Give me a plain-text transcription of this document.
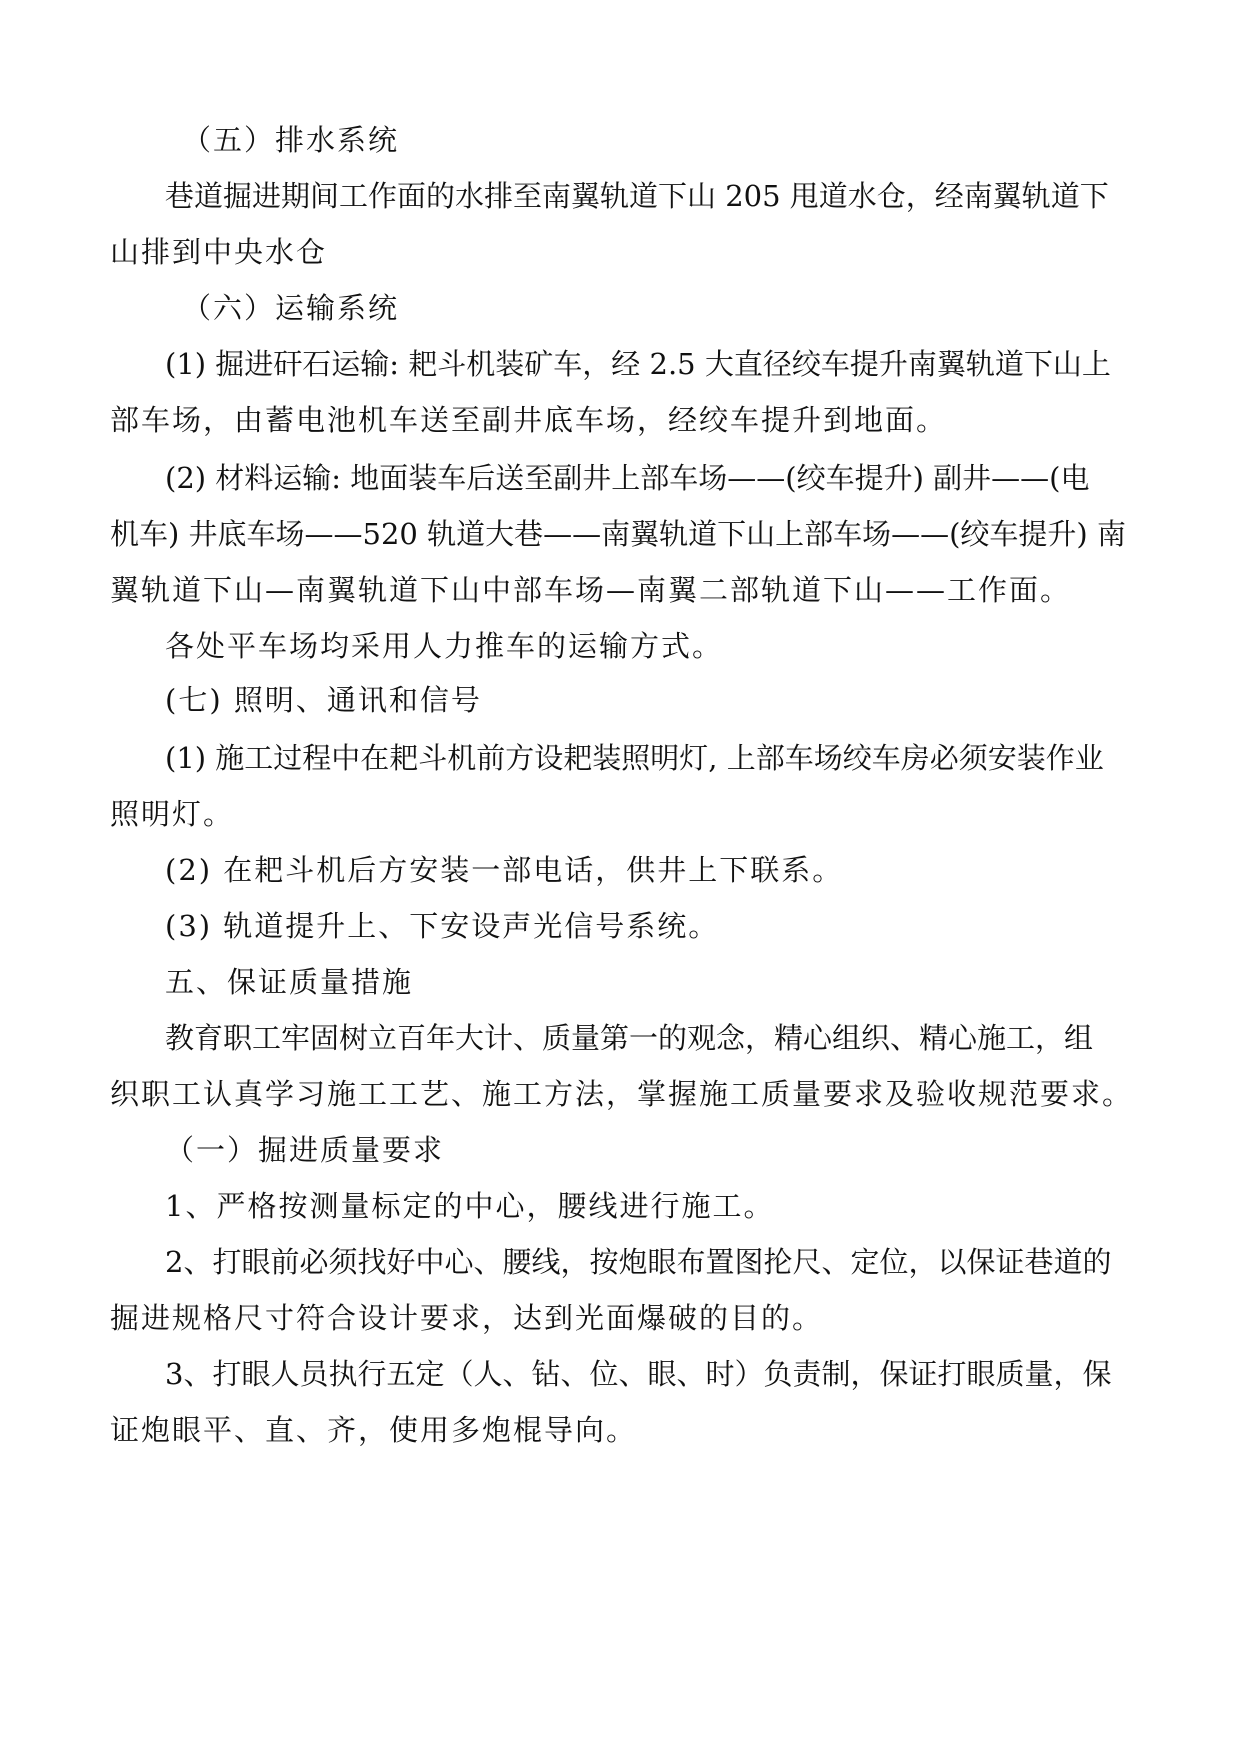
（五）排水系统
巷道掘进期间工作面的水排至南翼轨道下山 205 甩道水仓，经南翼轨道下
山排到中央水仓
（六）运输系统
(1) 掘进矸石运输: 耙斗机装矿车，经 2.5 大直径绞车提升南翼轨道下山上
部车场，由蓄电池机车送至副井底车场，经绞车提升到地面。
(2) 材料运输: 地面装车后送至副井上部车场——(绞车提升) 副井——(电
机车) 井底车场——520 轨道大巷——南翼轨道下山上部车场——(绞车提升) 南
翼轨道下山—南翼轨道下山中部车场—南翼二部轨道下山——工作面。
各处平车场均采用人力推车的运输方式。
(七) 照明、通讯和信号
(1) 施工过程中在耙斗机前方设耙装照明灯, 上部车场绞车房必须安装作业
照明灯。
(2) 在耙斗机后方安装一部电话，供井上下联系。
(3) 轨道提升上、下安设声光信号系统。
五、保证质量措施
教育职工牢固树立百年大计、质量第一的观念，精心组织、精心施工，组
织职工认真学习施工工艺、施工方法，掌握施工质量要求及验收规范要求。
（一）掘进质量要求
1、严格按测量标定的中心，腰线进行施工。
2、打眼前必须找好中心、腰线，按炮眼布置图抡尺、定位，以保证巷道的
掘进规格尺寸符合设计要求，达到光面爆破的目的。
3、打眼人员执行五定（人、钻、位、眼、时）负责制，保证打眼质量，保
证炮眼平、直、齐，使用多炮棍导向。
